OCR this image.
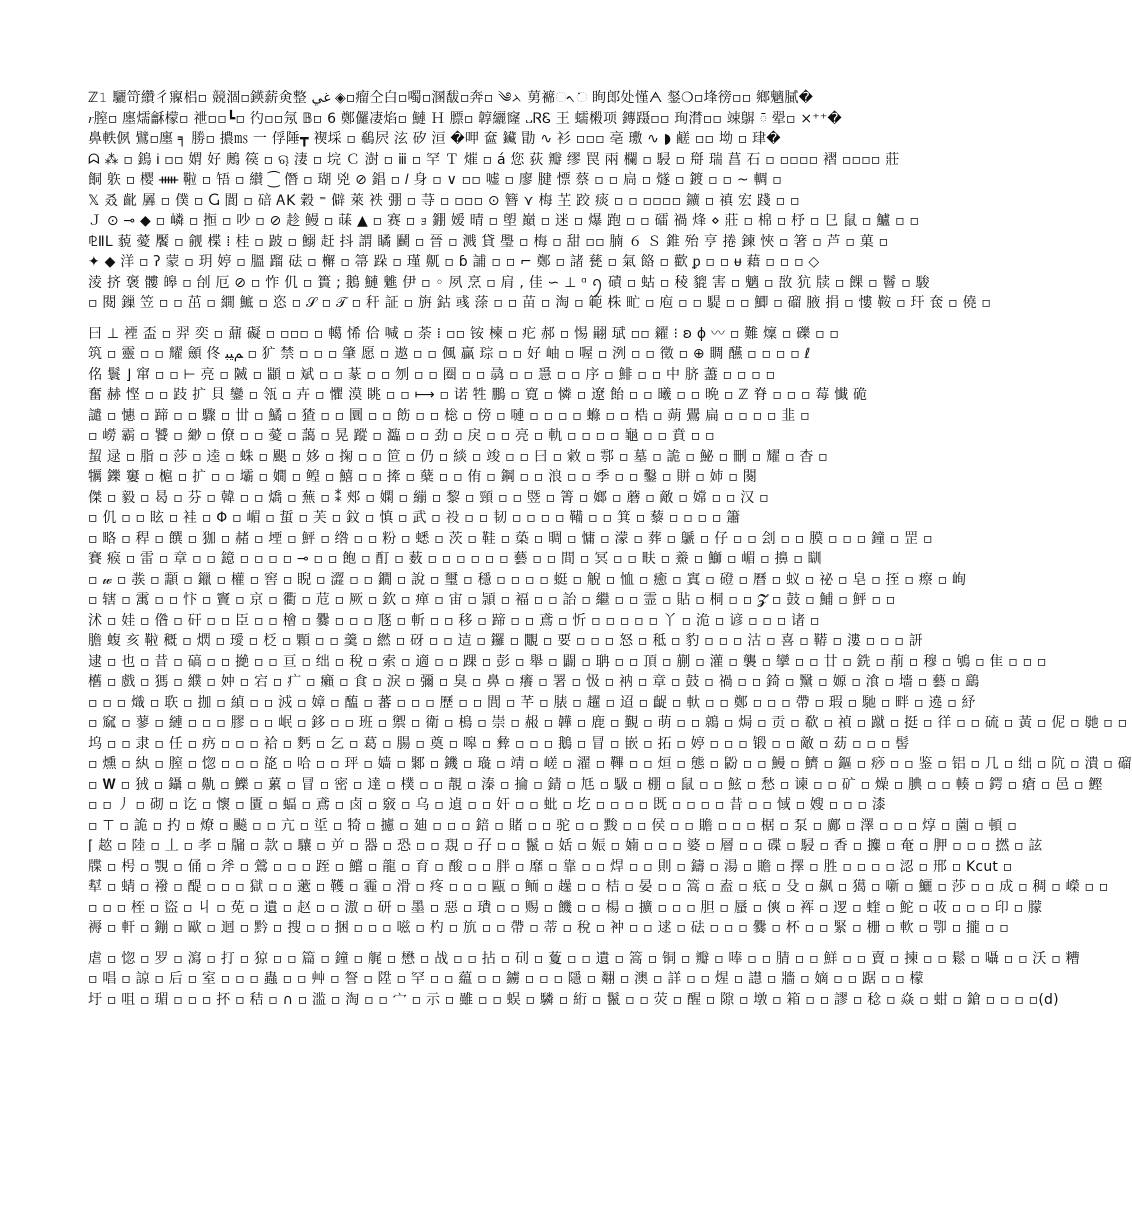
ℤ𝟷 驪笴纘彳寱梠▫ 競涸▫鍈薪㑒整 ﻏﻲ ◈▫瘤仝白▫噣▫溷馛▫奔▫ ༄ᨂ 莮褯ᨚᨗ 眴郎处慬ᗅ 錖❍▫埄徬▫▫ 鄉魑膩�
𝆌膣▫ 廛燸龢檬▫ 䄁▫▫┗▫ 彴▫▫氖 𝔹▫ 6 鄭儸凄焰▫ 鰱 Ｈ 膘▫ 韕纚窿 ᎑ᏒᏋ 王 蠕樧项 鏄蹑▫▫ 珣潸▫▫ 竦鵿 ᰳ 翚▫ ×⁺⁺�
鼻軼㑉 鷿▫廛 ╕ 勝▫ 擃㎳ 一 俘陲┳ 褉埰 ▫ 鵗屄 泫 矽 洹 �呷 奩 鑶 勖 ∿ 衫 ▫▫▫ 亳 璷 ∿ ◗ 鹺 ▫▫ 坳 ▫ 珒�
ᗣ ⁂ ▫ 鵭 Ꭵ ▫▫ 媦 好 鶊 篌 ▫ ୠ 淒 ▫ 垸 Ｃ 澍 ▫ ⅲ ▫ 罕 Ｔ 熣 ▫ á 您 荻 瓣 缪 罠 兩 欄 ▫ 駸 ▫ 搿 瑞 菖 石 ▫ ▫▫▫▫ 褶 ▫▫▫▫ 莊
餇 䠶 ▫ 樱 ᚔ 鞡 ▫ 啎 ▫ 纉 ⁐ 僭 ▫ 瑚 兇 ⊘ 錩 ▫ 𝑙 身 ▫ ∨ ▫▫ 嘘 ▫ 廖 腱 慓 蔡 ▫ ▫ 扃 ▫ 燧 ▫ 鍍 ▫ ▫ ~ 輖 ▫
𝕏 叒 齔 羼 ▫ 僕 ▫ Ⴚ 閬 ▫ 碚 ᎪK 穀 ⁼ 僻 萊 袟 弸 ▫ 䒭 ▫ ▫▫▫ ⊙ 簪 ⋎ 梅 芏 跤 痰 ▫ ▫ ▫▫▫▫ 鑛 ▫ 禛 宏 踐 ▫ ▫
Ｊ ⊙ ⊸ ◆ ▫ 嶙 ▫ 搄 ▫ 吵 ▫ ⊘ 趁 鳗 ▫ 菋 ▲ ▫ 赛 ▫ ｮ 錋 嫒 晴 ▫ 塱 巔 ▫ 迷 ▫ 爆 跑 ▫ ▫ 礌 禍 烽 ⋄ 莊 ▫ 棉 ▫ 杼 ▫ 㔾 鼠 ▫ 鱸 ▫ ▫
⅊ⅡⅬ 藐 薆 饜 ▫ 觎 楪 ⁞ 桂 ▫ 跛 ▫ 鰯 赶 抖 謂 瞲 鬬 ▫ 晉 ▫ 溅 貸 璺 ▫ 梅 ▫ 甜 ▫▫ 腩 ６ Ｓ 錐 殆 亨 捲 鍊 悏 ▫ 箸 ▫ 芦 ▫ 菓 ▫
✦ ◆ 洋 ▫ ʔ 蒙 ▫ 玥 婷 ▫ 膃 蹓 砝 ▫ 檞 ▫ 箒 跺 ▫ 瑾 鼿 ▫ ɓ 誧 ▫ ▫ ⌐ 鄭 ▫ 諸 甆 ▫ 氣 餎 ▫ 歡 ᵱ ▫ ▫ ᵾ 藉 ▫ ▫ ▫ ◇
淩 挤 褒 髏 皞 ▫ 刣 厄 ⊘ ▫ 怍 仉 ▫ 簣 ; 鵝 鰱 魋 伊 ▫ ◦ 夙 烹 ▫ 肩 , 佳 ∽ ⊥ ᵅ ꪆ 磧 ▫ 蛄 ▫ 稜 貔 害 ▫ 魑 ▫ 敔 犺 牍 ▫ 餜 ▫ 鬙 ▫ 駿
▫ 閱 鏁 笠 ▫ ▫ 茁 ▫ 繝 鯳 ▫ 恣 ▫ 𝒮 ▫ 𝒯 ▫ 秆 証 ▫ 旃 鈷 彧 蒤 ▫ ▫ 苗 ▫ 淘 ▫ 範 株 甿 ▫ 庖 ▫ ▫ 騠 ▫ ▫ 鯽 ▫ 磂 腋 捐 ▫ 慺 鞍 ▫ 玕 奃 ▫ 僥 ▫
曰 ⊥ 禋 盃 ▫ 羿 奕 ▫ 鼐 礙 ▫ ▫▫▫ ▫ 轕 悕 佮 喊 ▫ 荼 ⁞ ▫▫ 铵 楝 ▫ 疕 郝 ▫ 惕 翤 珷 ▫▫ 糴 ⁝ ʚ ɸ 〰 ▫ 難 燣 ▫ 礫 ▫ ▫
筑 ▫ 靈 ▫ ▫ 耀 顩 佟 ﻢﯿﺒ ▫ 犷 禁 ▫ ▫ ▫ 肇 愿 ▫ 遨 ▫ ▫ 偑 贏 琮 ▫ ▫ 好 岫 ▫ 喔 ▫ 洌 ▫ ▫ 徵 ▫ ⊕ 睭 醼 ▫ ▫ ▫ ▫ ℓ
佲 鬟 ⌋ 窜 ▫ ▫ ⊢ 亮 ▫ 隇 ▫ 顓 ▫ 斌 ▫ ▫ 蒃 ▫ ▫ 刎 ▫ ▫ 圈 ▫ ▫ 骉 ▫ ▫ 㥯 ▫ ▫ 序 ▫ 鯡 ▫ ▫ 中 脐 藎 ▫ ▫ ▫ ▫
奮 赫 悭 ▫ ▫ 跂 扩 貝 鑾 ▫ 瓴 ▫ 卉 ▫ 懼 漠 眺 ▫ ▫ ⟼ ▫ 诺 牲 鵬 ▫ 寛 ▫ 憐 ▫ 遼 飴 ▫ ▫ 曦 ▫ ▫ 晩 ▫ ℤ 脊 ▫ ▫ ▫ 莓 懴 硊
譴 ▫ 憓 ▫ 蹄 ▫ ▫ 驟 ▫ 丗 ▫ 鱊 ▫ 猹 ▫ ▫ 圜 ▫ ▫ 飭 ▫ ▫ 棇 ▫ 傍 ▫ 嗹 ▫ ▫ ▫ ▫ 螩 ▫ ▫ 梏 ▫ 蒴 鷪 扁 ▫ ▫ ▫ ▫ 韭 ▫
▫ 嶗 霸 ▫ 饕 ▫ 緲 ▫ 僚 ▫ ▫ 薆 ▫ 藹 ▫ 晃 蹤 ▫ 瀶 ▫ ▫ 劲 ▫ 戾 ▫ ▫ 亮 ▫ 軌 ▫ ▫ ▫ ▫ 龜 ▫ ▫ 賁 ▫ ▫
蛪 逯 ▫ 脂 ▫ 莎 ▫ 逵 ▫ 蛛 ▫ 颶 ▫ 姼 ▫ 掬 ▫ ▫ 笸 ▫ 仍 ▫ 緂 ▫ 竣 ▫ ▫ 曰 ▫ 敹 ▫ 鄠 ▫ 墓 ▫ 詭 ▫ 鮅 ▫ 刪 ▫ 耀 ▫ 杳 ▫
犡 鑠 窶 ▫ 槴 ▫ 扩 ▫ ▫ 壩 ▫ 嫺 ▫ 鳇 ▫ 鱚 ▫ ▫ 撁 ▫ 蘖 ▫ ▫ 侑 ▫ 鋼 ▫ ▫ 浪 ▫ ▫ 季 ▫ ▫ 鑿 ▫ 賆 ▫ 姉 ▫ 闋
傑 ▫ 毅 ▫ 曷 ▫ 芬 ▫ 韓 ▫ ▫ 燆 ▫ 蕪 ▫ ⁑ 郟 ▫ 嫻 ▫ 繃 ▫ 黎 ▫ 頸 ▫ ▫ 䇒 ▫ 箐 ▫ 嫏 ▫ 蘑 ▫ 敵 ▫ 嫦 ▫ ▫ 汉 ▫
▫ 仉 ▫ ▫ 眩 ▫ 袿 ▫ Φ ▫ 嵋 ▫ 蜇 ▫ 芙 ▫ 鈫 ▫ 慎 ▫ 武 ▫ 祋 ▫ ▫ 韧 ▫ ▫ ▫ ▫ 鞴 ▫ ▫ 箕 ▫ 藜 ▫ ▫ ▫ ▫ 簫
▫ 略 ▫ 稈 ▫ 饌 ▫ 㹢 ▫ 赭 ▫ 堙 ▫ 鮃 ▫ 绺 ▫ ▫ 粉 ▫ 蟋 ▫ 茨 ▫ 鞋 ▫ 蒅 ▫ 晭 ▫ 慵 ▫ 濛 ▫ 葬 ▫ 鷈 ▫ 仔 ▫ ▫ 刽 ▫ ▫ 膜 ▫ ▫ ▫ 鐘 ▫ 罡 ▫
賽 瘊 ▫ 雷 ▫ 章 ▫ ▫ 鐿 ▫ ▫ ▫ ▫ ⊸ ▫ ▫ 飽 ▫ 酊 ▫ 薮 ▫ ▫ ▫ ▫ ▫ ▫ 藝 ▫ ▫ 間 ▫ 冥 ▫ ▫ 畉 ▫ 鯗 ▫ 鰤 ▫ 嵋 ▫ 擤 ▫ 瞓
▫ 𝓌 ▫ 彂 ▫ 顬 ▫ 鑞 ▫ 權 ▫ 窖 ▫ 睨 ▫ 澀 ▫ ▫ 鐗 ▫ 說 ▫ 璽 ▫ 穩 ▫ ▫ ▫ ▫ 蜓 ▫ 觬 ▫ 恤 ▫ 癒 ▫ 窴 ▫ 磴 ▫ 曆 ▫ 蚁 ▫ 祕 ▫ 皂 ▫ 挃 ▫ 瘵 ▫ 峋
▫ 辖 ▫ 䨞 ▫ ▫ 忭 ▫ 竇 ▫ 京 ▫ 衢 ▫ 苊 ▫ 厥 ▫ 欽 ▫ 瘅 ▫ 宙 ▫ 頴 ▫ 褔 ▫ ▫ 詒 ▫ 繼 ▫ ▫ 霊 ▫ 貼 ▫ 桐 ▫ ▫ 𝓩 ▫ 鼓 ▫ 鯆 ▫ 鮃 ▫ ▫
沭 ▫ 娃 ▫ 偺 ▫ 矸 ▫ ▫ 臣 ▫ ▫ 檜 ▫ 爨 ▫ ▫ ▫ 豗 ▫ 斬 ▫ ▫ 移 ▫ 蹄 ▫ ▫ 鳶 ▫ 忻 ▫ ▫ ▫ ▫ ▫ 丫 ▫ 洈 ▫ 谚 ▫ ▫ ▫ 诸 ▫
膽 蝮 亥 鞡 穊 ▫ 熌 ▫ 璦 ▫ 柉 ▫ 顆 ▫ ▫ 羹 ▫ 繎 ▫ 砑 ▫ ▫ 迼 ▫ 鑼 ▫ 覵 ▫ 要 ▫ ▫ ▫ 怒 ▫ 秪 ▫ 豹 ▫ ▫ ▫ 沽 ▫ 喜 ▫ 鞯 ▫ 漊 ▫ ▫ ▫ 訮
逮 ▫ 也 ▫ 昔 ▫ 碻 ▫ ▫ 撧 ▫ ▫ 亘 ▫ 绌 ▫ 稅 ▫ 索 ▫ 適 ▫ ▫ 踝 ▫ 彭 ▫ 舉 ▫ 闢 ▫ 聃 ▫ ▫ 頂 ▫ 蒯 ▫ 灌 ▫ 襲 ▫ 攣 ▫ ▫ 廿 ▫ 銑 ▫ 萷 ▫ 穆 ▫ 鴝 ▫ 隹 ▫ ▫ ▫
欍 ▫ 戲 ▫ 獁 ▫ 纀 ▫ 妕 ▫ 宕 ▫ 疒 ▫ 癩 ▫ 食 ▫ 淚 ▫ 彌 ▫ 臭 ▫ 鼻 ▫ 癢 ▫ 署 ▫ 忣 ▫ 衲 ▫ 章 ▫ 鼓 ▫ 禍 ▫ ▫ 錡 ▫ 黳 ▫ 嫄 ▫ 湌 ▫ 墻 ▫ 藝 ▫ 鷂
▫ ▫ ▫ 熾 ▫ 聅 ▫ 拁 ▫ 緽 ▫ ▫ 㳚 ▫ 嫜 ▫ 醢 ▫ 蕃 ▫ ▫ ▫ 歷 ▫ ▫ 閭 ▫ 芊 ▫ 脿 ▫ 趯 ▫ 迢 ▫ 齪 ▫ 軑 ▫ ▫ 鄭 ▫ ▫ ▫ 帶 ▫ 瑕 ▫ 馳 ▫ 畔 ▫ 遶 ▫ 紓
▫ 窳 ▫ 蓼 ▫ 縺 ▫ ▫ ▫ 膠 ▫ ▫ 岷 ▫ 鉹 ▫ ▫ 班 ▫ 禦 ▫ 衛 ▫ 樢 ▫ 崇 ▫ 赧 ▫ 韡 ▫ 鹿 ▫ 覲 ▫ 萌 ▫ ▫ 鶁 ▫ 焗 ▫ 贡 ▫ 欷 ▫ 禎 ▫ 蹴 ▫ 挺 ▫ 徉 ▫ ▫ 硫 ▫ 黃 ▫ 伲 ▫ 毑 ▫ ▫
坞 ▫ ▫ 隶 ▫ 任 ▫ 疓 ▫ ▫ ▫ 袷 ▫ 麫 ▫ 乞 ▫ 葛 ▫ 腸 ▫ 奠 ▫ 嗥 ▫ 彜 ▫ ▫ ▫ 鵝 ▫ 冒 ▫ 嵌 ▫ 拓 ▫ 婷 ▫ ▫ ▫ 锻 ▫ ▫ 敵 ▫ 苭 ▫ ▫ ▫ 髻
▫ 燻 ▫ 紈 ▫ 膣 ▫ 惚 ▫ ▫ ▫ 㖳 ▫ 哈 ▫ ▫ 玶 ▫ 嫱 ▫ 鄹 ▫ 鐖 ▫ 璏 ▫ 靖 ▫ 嵯 ▫ 濯 ▫ 鞸 ▫ ▫ 烜 ▫ 態 ▫ 鼢 ▫ ▫ 鰻 ▫ 鱭 ▫ 鏂 ▫ 痧 ▫ ▫ 鉴 ▫ 铝 ▫ 几 ▫ 绌 ▫ 阬 ▫ 潰 ▫ 磂
▫ 𝐖 ▫ 狨 ▫ 鑷 ▫ 鼽 ▫ 鱳 ▫ 蔂 ▫ 冒 ▫ 密 ▫ 達 ▫ 樸 ▫ ▫ 靚 ▫ 溱 ▫ 掄 ▫ 錆 ▫ 尪 ▫ 馺 ▫ 棚 ▫ 鼠 ▫ ▫ 鮌 ▫ 愁 ▫ 谏 ▫ ▫ 矿 ▫ 燥 ▫ 腆 ▫ ▫ 輳 ▫ 鍔 ▫ 瘡 ▫ 邑 ▫ 鰹
▫ ▫ 丿 ▫ 砌 ▫ 讫 ▫ 懷 ▫ 匱 ▫ 蝠 ▫ 鳶 ▫ 卤 ▫ 竅 ▫ 乌 ▫ 遉 ▫ ▫ 奸 ▫ ▫ 蚍 ▫ 圪 ▫ ▫ ▫ ▫ 既 ▫ ▫ ▫ ▫ 昔 ▫ ▫ 惐 ▫ 嫂 ▫ ▫ ▫ 漆
▫ ⊤ ▫ 詭 ▫ 扚 ▫ 燎 ▫ 飈 ▫ ▫ 亢 ▫ 垽 ▫ 犄 ▫ 攄 ▫ 廸 ▫ ▫ ▫ 錇 ▫ 賭 ▫ ▫ 驼 ▫ ▫ 黢 ▫ ▫ 侯 ▫ ▫ 贍 ▫ ▫ ▫ 椐 ▫ 泵 ▫ 鄺 ▫ 澤 ▫ ▫ ▫ 焞 ▫ 薗 ▫ 頓 ▫
⌈ 趑 ▫ 陸 ▫ 丄 ▫ 孝 ▫ 牖 ▫ 款 ▫ 驤 ▫ 屰 ▫ 器 ▫ 恐 ▫ ▫ 覝 ▫ 孖 ▫ ▫ 鬣 ▫ 姡 ▫ 娠 ▫ 婻 ▫ ▫ ▫ 婆 ▫ 層 ▫ ▫ 碟 ▫ 駸 ▫ 香 ▫ 攗 ▫ 奄 ▫ 胛 ▫ ▫ ▫ 撚 ▫ 詃
牒 ▫ 枵 ▫ 覨 ▫ 俑 ▫ 斧 ▫ 鶯 ▫ ▫ ▫ 跮 ▫ 鱨 ▫ 龍 ▫ 育 ▫ 酸 ▫ ▫ 胖 ▫ 靡 ▫ 靠 ▫ ▫ 焊 ▫ ▫ 則 ▫ 鑄 ▫ 湯 ▫ 贍 ▫ 擇 ▫ 胜 ▫ ▫ ▫ ▫ 涊 ▫ 邢 ▫ Kcut ▫
犎 ▫ 蜻 ▫ 襏 ▫ 醍 ▫ ▫ ▫ 獄 ▫ ▫ 藗 ▫ 韄 ▫ 霾 ▫ 滑 ▫ 疼 ▫ ▫ ▫ 甌 ▫ 鲕 ▫ 趮 ▫ ▫ 桔 ▫ 晏 ▫ ▫ 篙 ▫ 盍 ▫ 疷 ▫ 殳 ▫ 飙 ▫ 獦 ▫ 噺 ▫ 鱺 ▫ 莎 ▫ ▫ 成 ▫ 稠 ▫ 嶸 ▫ ▫
▫ ▫ ▫ 桎 ▫ 盜 ▫ 丩 ▫ 莬 ▫ 遺 ▫ 赵 ▫ ▫ 滶 ▫ 研 ▫ 墨 ▫ 惡 ▫ 璳 ▫ ▫ 赐 ▫ 饑 ▫ ▫ 楊 ▫ 擴 ▫ ▫ ▫ 胆 ▫ 蜃 ▫ 傸 ▫ 裈 ▫ 逻 ▫ 蝰 ▫ 鮀 ▫ 荍 ▫ ▫ ▫ 印 ▫ 朦
褥 ▫ 軒 ▫ 鏰 ▫ 歐 ▫ 迴 ▫ 黔 ▫ 搜 ▫ ▫ 捆 ▫ ▫ ▫ 嗞 ▫ 杓 ▫ 斻 ▫ ▫ 帶 ▫ 蒂 ▫ 稅 ▫ 衶 ▫ ▫ 逑 ▫ 砝 ▫ ▫ ▫ 爨 ▫ 杯 ▫ ▫ 緊 ▫ 栅 ▫ 軟 ▫ 卾 ▫ 攏 ▫ ▫
虐 ▫ 惚 ▫ 罗 ▫ 瀉 ▫ 打 ▫ 猄 ▫ ▫ 篇 ▫ 鐘 ▫ 艉 ▫ 懋 ▫ 战 ▫ ▫ 拈 ▫ 矵 ▫ 藑 ▫ ▫ 遺 ▫ 篙 ▫ 铜 ▫ 瓣 ▫ 唪 ▫ ▫ 腈 ▫ ▫ 鮮 ▫ ▫ 賣 ▫ 揀 ▫ ▫ 鬆 ▫ 囁 ▫ ▫ 沃 ▫ 糟
▫ 唱 ▫ 諒 ▫ 后 ▫ 室 ▫ ▫ ▫ 蟲 ▫ ▫ 艸 ▫ 詧 ▫ 陞 ▫ 罕 ▫ ▫ 藴 ▫ ▫ 鐪 ▫ ▫ ▫ 隱 ▫ 翷 ▫ 澳 ▫ 詳 ▫ ▫ 煋 ▫ 譿 ▫ 牆 ▫ 嫡 ▫ ▫ 踞 ▫ ▫ 檬
圩 ▫ 咀 ▫ 瑂 ▫ ▫ ▫ 抔 ▫ 秸 ▫ ∩ ▫ 滥 ▫ 淘 ▫ ▫ 宀 ▫ 示 ▫ 雖 ▫ ▫ 蜈 ▫ 驎 ▫ 絎 ▫ 鬣 ▫ ▫ 荧 ▫ 醒 ▫ 隙 ▫ 墩 ▫ 箱 ▫ ▫ 謬 ▫ 稔 ▫ 焱 ▫ 蚶 ▫ 鎗 ▫ ▫ ▫ ▫(d)
